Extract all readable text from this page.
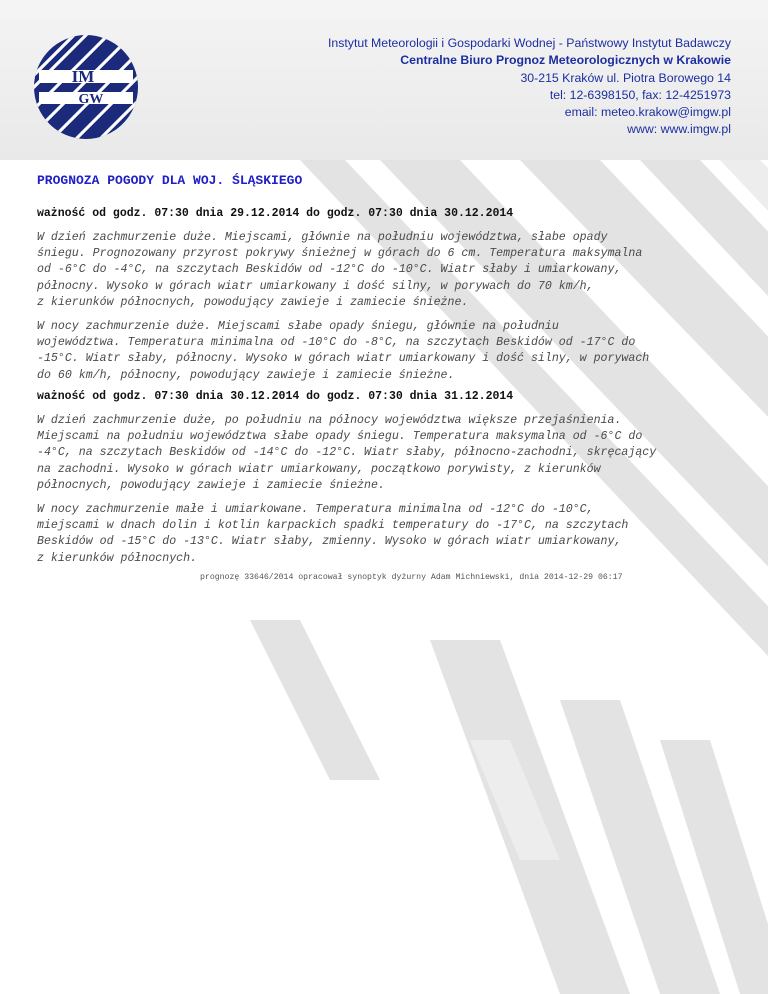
IM
GW
Instytut Meteorologii i Gospodarki Wodnej - Państwowy Instytut Badawczy
Centralne Biuro Prognoz Meteorologicznych w Krakowie
30-215 Kraków ul. Piotra Borowego 14
tel: 12-6398150, fax: 12-4251973
email: meteo.krakow@imgw.pl
www: www.imgw.pl
PROGNOZA POGODY DLA WOJ. ŚLĄSKIEGO
ważność od godz. 07:30 dnia 29.12.2014 do godz. 07:30 dnia 30.12.2014
W dzień zachmurzenie duże. Miejscami, głównie na południu województwa, słabe opady
śniegu. Prognozowany przyrost pokrywy śnieżnej w górach do 6 cm. Temperatura maksymalna
od -6°C do -4°C, na szczytach Beskidów od -12°C do -10°C. Wiatr słaby i umiarkowany,
północny. Wysoko w górach wiatr umiarkowany i dość silny, w porywach do 70 km/h,
z kierunków północnych, powodujący zawieje i zamiecie śnieżne.
W nocy zachmurzenie duże. Miejscami słabe opady śniegu, głównie na południu
województwa. Temperatura minimalna od -10°C do -8°C, na szczytach Beskidów od -17°C do
-15°C. Wiatr słaby, północny. Wysoko w górach wiatr umiarkowany i dość silny, w porywach
do 60 km/h, północny, powodujący zawieje i zamiecie śnieżne.
ważność od godz. 07:30 dnia 30.12.2014 do godz. 07:30 dnia 31.12.2014
W dzień zachmurzenie duże, po południu na północy województwa większe przejaśnienia.
Miejscami na południu województwa słabe opady śniegu. Temperatura maksymalna od -6°C do
-4°C, na szczytach Beskidów od -14°C do -12°C. Wiatr słaby, północno-zachodni, skręcający
na zachodni. Wysoko w górach wiatr umiarkowany, początkowo porywisty, z kierunków
północnych, powodujący zawieje i zamiecie śnieżne.
W nocy zachmurzenie małe i umiarkowane. Temperatura minimalna od -12°C do -10°C,
miejscami w dnach dolin i kotlin karpackich spadki temperatury do -17°C, na szczytach
Beskidów od -15°C do -13°C. Wiatr słaby, zmienny. Wysoko w górach wiatr umiarkowany,
z kierunków północnych.
prognozę 33646/2014 opracował synoptyk dyżurny Adam Michniewski, dnia 2014-12-29 06:17
